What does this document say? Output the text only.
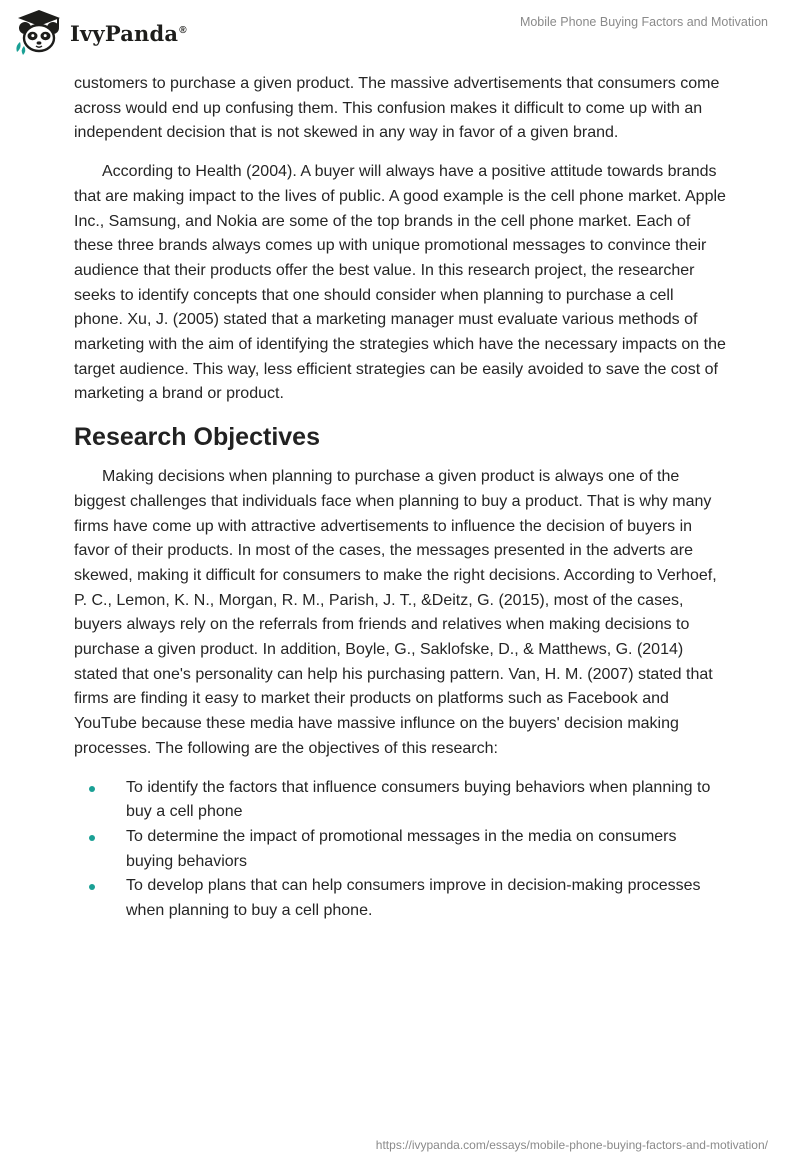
IvyPanda®
Mobile Phone Buying Factors and Motivation

customers to purchase a given product. The massive advertisements that consumers come across would end up confusing them. This confusion makes it difficult to come up with an independent decision that is not skewed in any way in favor of a given brand.

According to Health (2004). A buyer will always have a positive attitude towards brands that are making impact to the lives of public. A good example is the cell phone market. Apple Inc., Samsung, and Nokia are some of the top brands in the cell phone market. Each of these three brands always comes up with unique promotional messages to convince their audience that their products offer the best value. In this research project, the researcher seeks to identify concepts that one should consider when planning to purchase a cell phone. Xu, J. (2005) stated that a marketing manager must evaluate various methods of marketing with the aim of identifying the strategies which have the necessary impacts on the target audience. This way, less efficient strategies can be easily avoided to save the cost of marketing a brand or product.

Research Objectives

Making decisions when planning to purchase a given product is always one of the biggest challenges that individuals face when planning to buy a product. That is why many firms have come up with attractive advertisements to influence the decision of buyers in favor of their products. In most of the cases, the messages presented in the adverts are skewed, making it difficult for consumers to make the right decisions. According to Verhoef, P. C., Lemon, K. N., Morgan, R. M., Parish, J. T., &Deitz, G. (2015), most of the cases, buyers always rely on the referrals from friends and relatives when making decisions to purchase a given product. In addition, Boyle, G., Saklofske, D., & Matthews, G. (2014) stated that one's personality can help his purchasing pattern. Van, H. M. (2007) stated that firms are finding it easy to market their products on platforms such as Facebook and YouTube because these media have massive influnce on the buyers' decision making processes. The following are the objectives of this research:

To identify the factors that influence consumers buying behaviors when planning to buy a cell phone
To determine the impact of promotional messages in the media on consumers buying behaviors
To develop plans that can help consumers improve in decision-making processes when planning to buy a cell phone.
https://ivypanda.com/essays/mobile-phone-buying-factors-and-motivation/
